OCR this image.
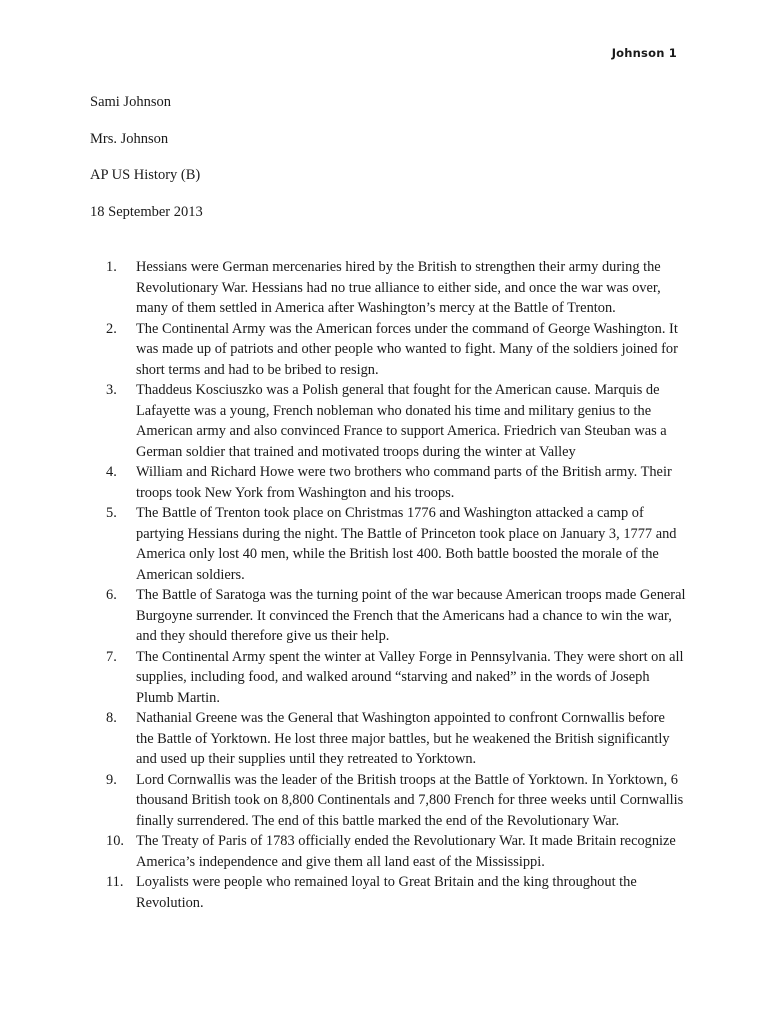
Johnson 1
Sami Johnson
Mrs. Johnson
AP US History (B)
18 September 2013
1.	Hessians were German mercenaries hired by the British to strengthen their army during the Revolutionary War. Hessians had no true alliance to either side, and once the war was over, many of them settled in America after Washington’s mercy at the Battle of Trenton.
2.	The Continental Army was the American forces under the command of George Washington. It was made up of patriots and other people who wanted to fight. Many of the soldiers joined for short terms and had to be bribed to resign.
3.	Thaddeus Kosciuszko was a Polish general that fought for the American cause. Marquis de Lafayette was a young, French nobleman who donated his time and military genius to the American army and also convinced France to support America. Friedrich van Steuban was a German soldier that trained and motivated troops during the winter at Valley
4.	William and Richard Howe were two brothers who command parts of the British army. Their troops took New York from Washington and his troops.
5.	The Battle of Trenton took place on Christmas 1776 and Washington attacked a camp of partying Hessians during the night. The Battle of Princeton took place on January 3, 1777 and America only lost 40 men, while the British lost 400. Both battle boosted the morale of the American soldiers.
6.	The Battle of Saratoga was the turning point of the war because American troops made General Burgoyne surrender. It convinced the French that the Americans had a chance to win the war, and they should therefore give us their help.
7.	The Continental Army spent the winter at Valley Forge in Pennsylvania. They were short on all supplies, including food, and walked around “starving and naked” in the words of Joseph Plumb Martin.
8.	Nathanial Greene was the General that Washington appointed to confront Cornwallis before the Battle of Yorktown. He lost three major battles, but he weakened the British significantly and used up their supplies until they retreated to Yorktown.
9.	Lord Cornwallis was the leader of the British troops at the Battle of Yorktown. In Yorktown, 6 thousand British took on 8,800 Continentals and 7,800 French for three weeks until Cornwallis finally surrendered. The end of this battle marked the end of the Revolutionary War.
10. The Treaty of Paris of 1783 officially ended the Revolutionary War. It made Britain recognize America’s independence and give them all land east of the Mississippi.
11. Loyalists were people who remained loyal to Great Britain and the king throughout the Revolution.
